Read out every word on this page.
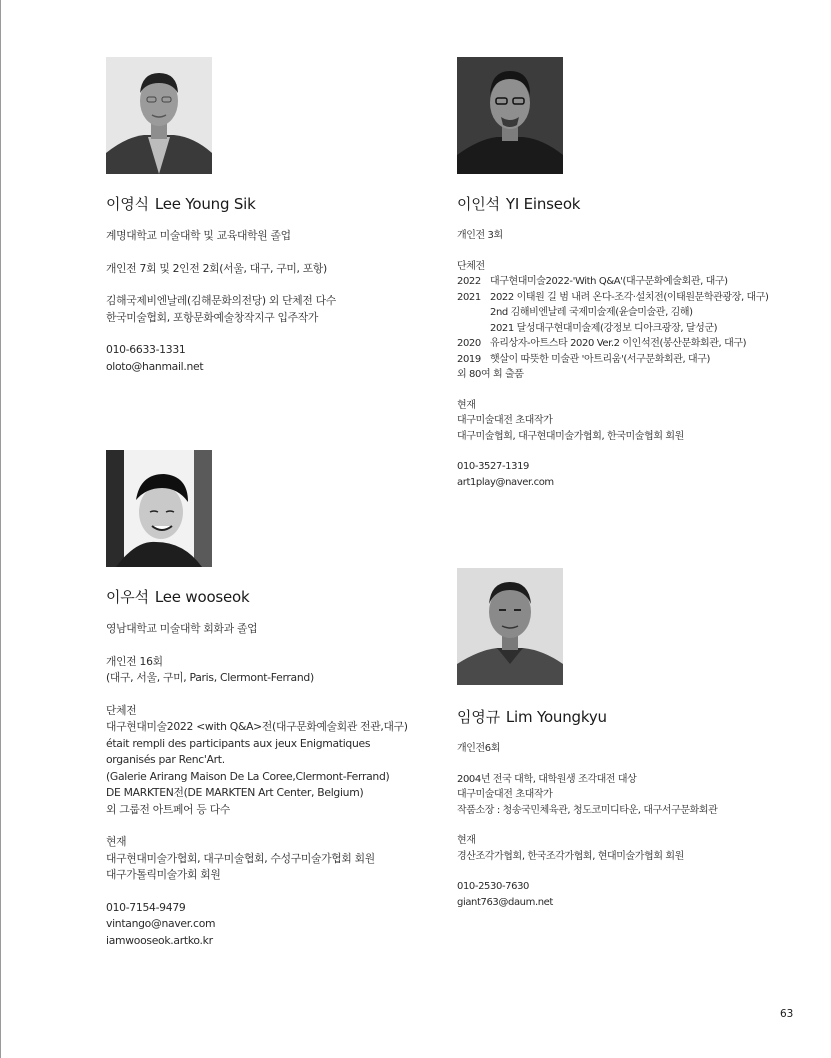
이영식 Lee Young Sik
계명대학교 미술대학 및 교육대학원 졸업
개인전 7회 및 2인전 2회(서울, 대구, 구미, 포항)
김해국제비엔날레(김해문화의전당) 외 단체전 다수
한국미술협회, 포항문화예술창작지구 입주작가
010-6633-1331
oloto@hanmail.net
이인석 YI Einseok
개인전 3회
단체전
2022 대구현대미술2022-'With Q&A'(대구문화예술회관, 대구)
2021 2022 이태원 길 범 내려 온다-조각·설치전(이태원문학관광장, 대구)
2nd 김해비엔날레 국제미술제(윤슬미술관, 김해)
2021 달성대구현대미술제(강정보 디아크광장, 달성군)
2020 유리상자-아트스타 2020 Ver.2 이인석전(봉산문화회관, 대구)
2019 햇살이 따뜻한 미술관 '아트리움'(서구문화회관, 대구)
외 80여 회 출품
현재
대구미술대전 초대작가
대구미술협회, 대구현대미술가협회, 한국미술협회 회원
010-3527-1319
art1play@naver.com
이우석 Lee wooseok
영남대학교 미술대학 회화과 졸업
개인전 16회
(대구, 서울, 구미, Paris, Clermont-Ferrand)
단체전
대구현대미술2022 <with Q&A>전(대구문화예술회관 전관,대구)
était rempli des participants aux jeux Enigmatiques
organisés par Renc'Art.
(Galerie Arirang Maison De La Coree,Clermont-Ferrand)
DE MARKTEN전(DE MARKTEN Art Center, Belgium)
외 그룹전 아트페어 등 다수
현재
대구현대미술가협회, 대구미술협회, 수성구미술가협회 회원
대구가톨릭미술가회 회원
010-7154-9479
vintango@naver.com
iamwooseok.artko.kr
임영규 Lim Youngkyu
개인전6회
2004년 전국 대학, 대학원생 조각대전 대상
대구미술대전 초대작가
작품소장 : 청송국민체육관, 청도코미디타운, 대구서구문화회관
현재
경산조각가협회, 한국조각가협회, 현대미술가협회 회원
010-2530-7630
giant763@daum.net
63
